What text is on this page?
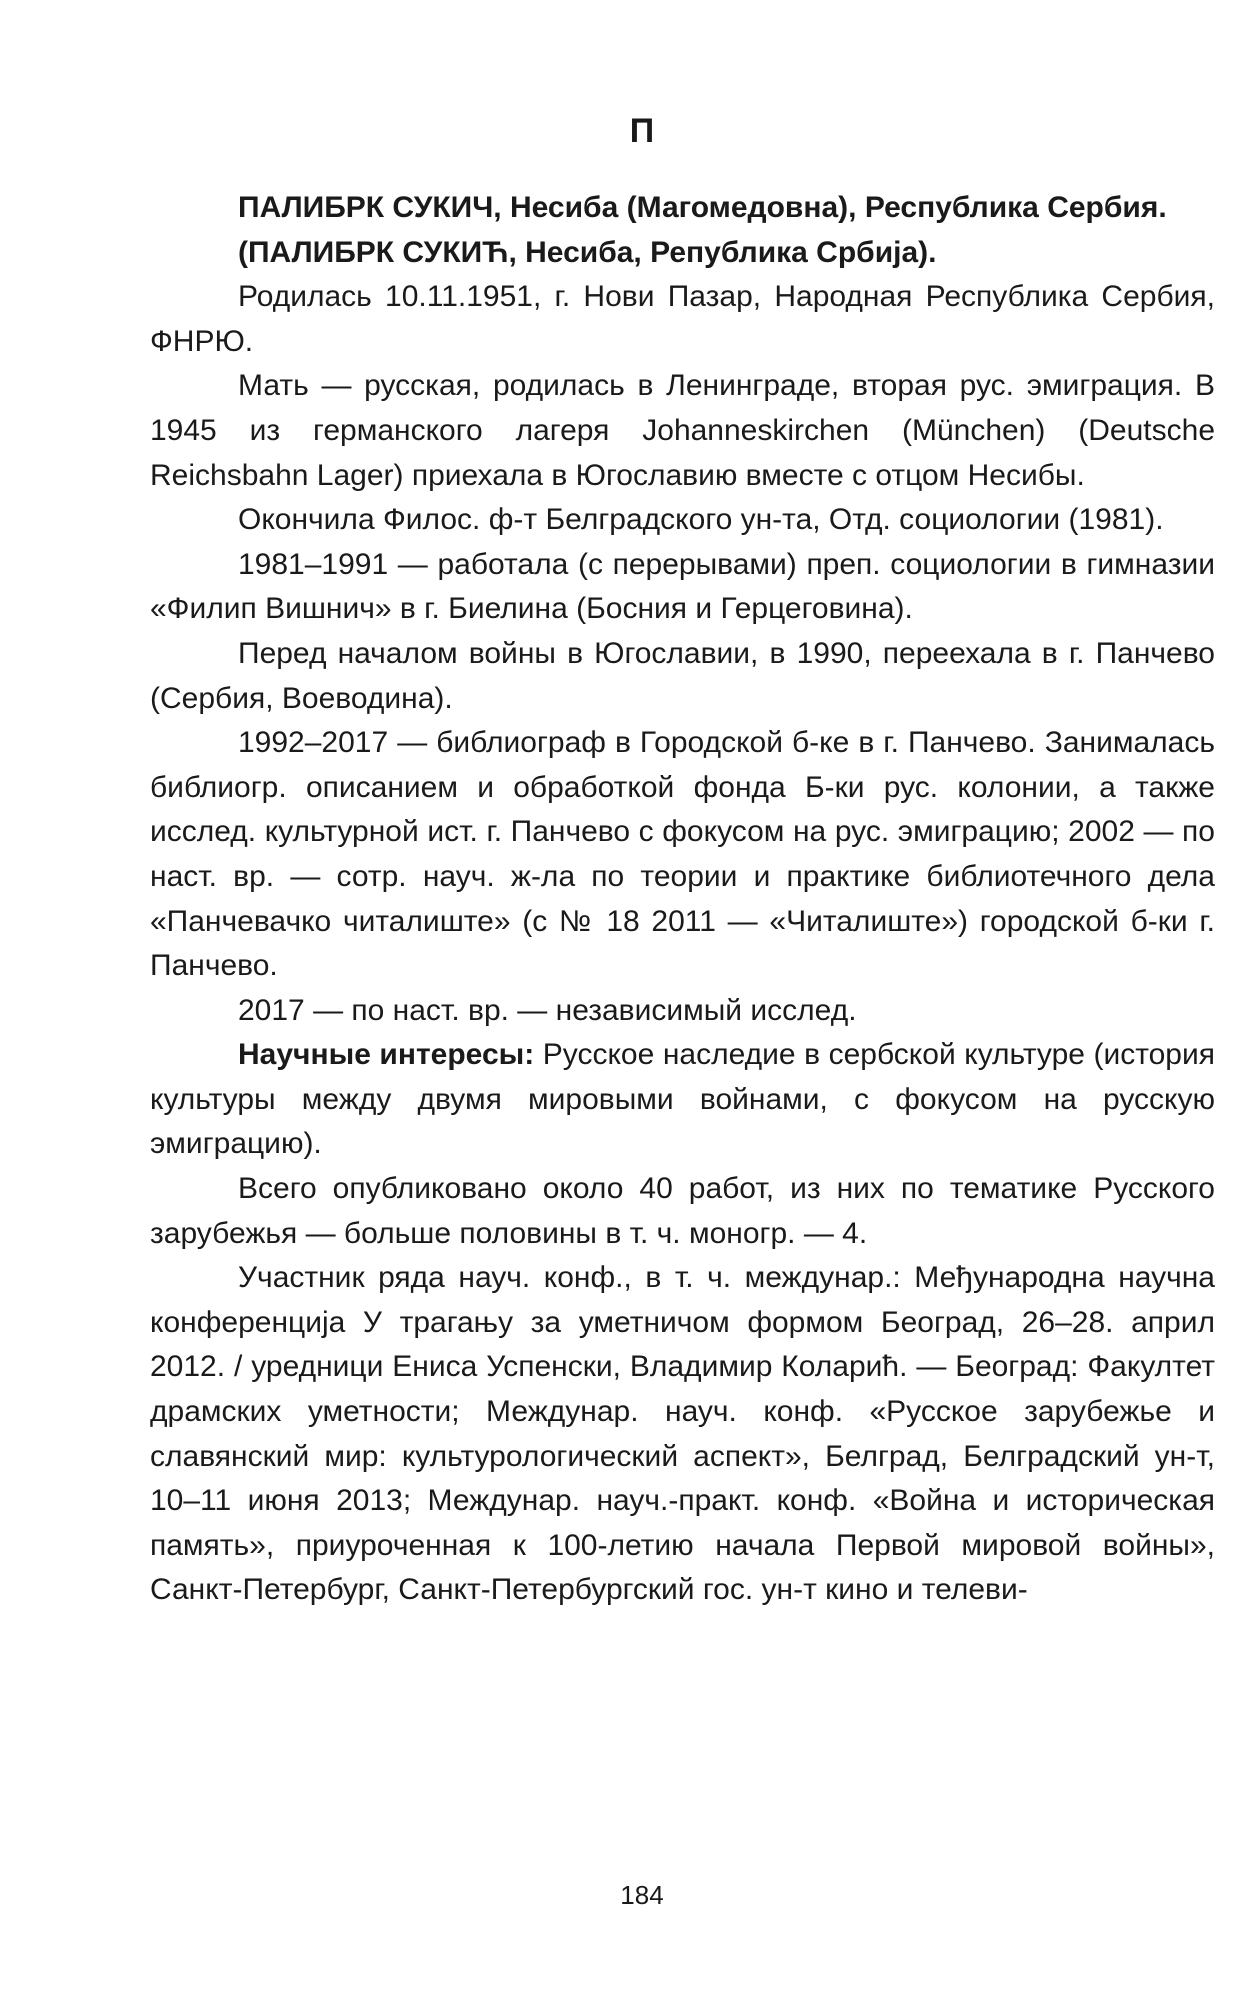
П

ПАЛИБРК СУКИЧ, Несиба (Магомедовна), Республика Сербия.

(ПАЛИБРК СУКИЋ, Несиба, Република Србија).

Родилась 10.11.1951, г. Нови Пазар, Народная Республика Сербия, ФНРЮ.

Мать — русская, родилась в Ленинграде, вторая рус. эмиграция. В 1945 из германского лагеря Johanneskirchen (München) (Deutsche Reichsbahn Lager) приехала в Югославию вместе с отцом Несибы.

Окончила Филос. ф-т Белградского ун-та, Отд. социологии (1981).

1981–1991 — работала (с перерывами) преп. социологии в гимназии «Филип Вишнич» в г. Биелина (Босния и Герцеговина).

Перед началом войны в Югославии, в 1990, переехала в г. Панчево (Сербия, Воеводина).

1992–2017 — библиограф в Городской б-ке в г. Панчево. Занималась библиогр. описанием и обработкой фонда Б-ки рус. колонии, а также исслед. культурной ист. г. Панчево с фокусом на рус. эмиграцию; 2002 — по наст. вр. — сотр. науч. ж-ла по теории и практике библиотечного дела «Панчевачко читалиште» (с № 18 2011 — «Читалиште») городской б-ки г. Панчево.

2017 — по наст. вр. — независимый исслед.

Научные интересы: Русское наследие в сербской культуре (история культуры между двумя мировыми войнами, с фокусом на русскую эмиграцию).

Всего опубликовано около 40 работ, из них по тематике Русского зарубежья — больше половины в т. ч. моногр. — 4.

Участник ряда науч. конф., в т. ч. междунар.: Међународна научна конференција У трагању за уметничом формом Београд, 26–28. април 2012. / уредници Ениса Успенски, Владимир Коларић. — Београд: Факултет драмских уметности; Междунар. науч. конф. «Русское зарубежье и славянский мир: культурологический аспект», Белград, Белградский ун-т, 10–11 июня 2013; Междунар. науч.-практ. конф. «Война и историческая память», приуроченная к 100-летию начала Первой мировой войны», Санкт-Петербург, Санкт-Петербургский гос. ун-т кино и телеви-

184
